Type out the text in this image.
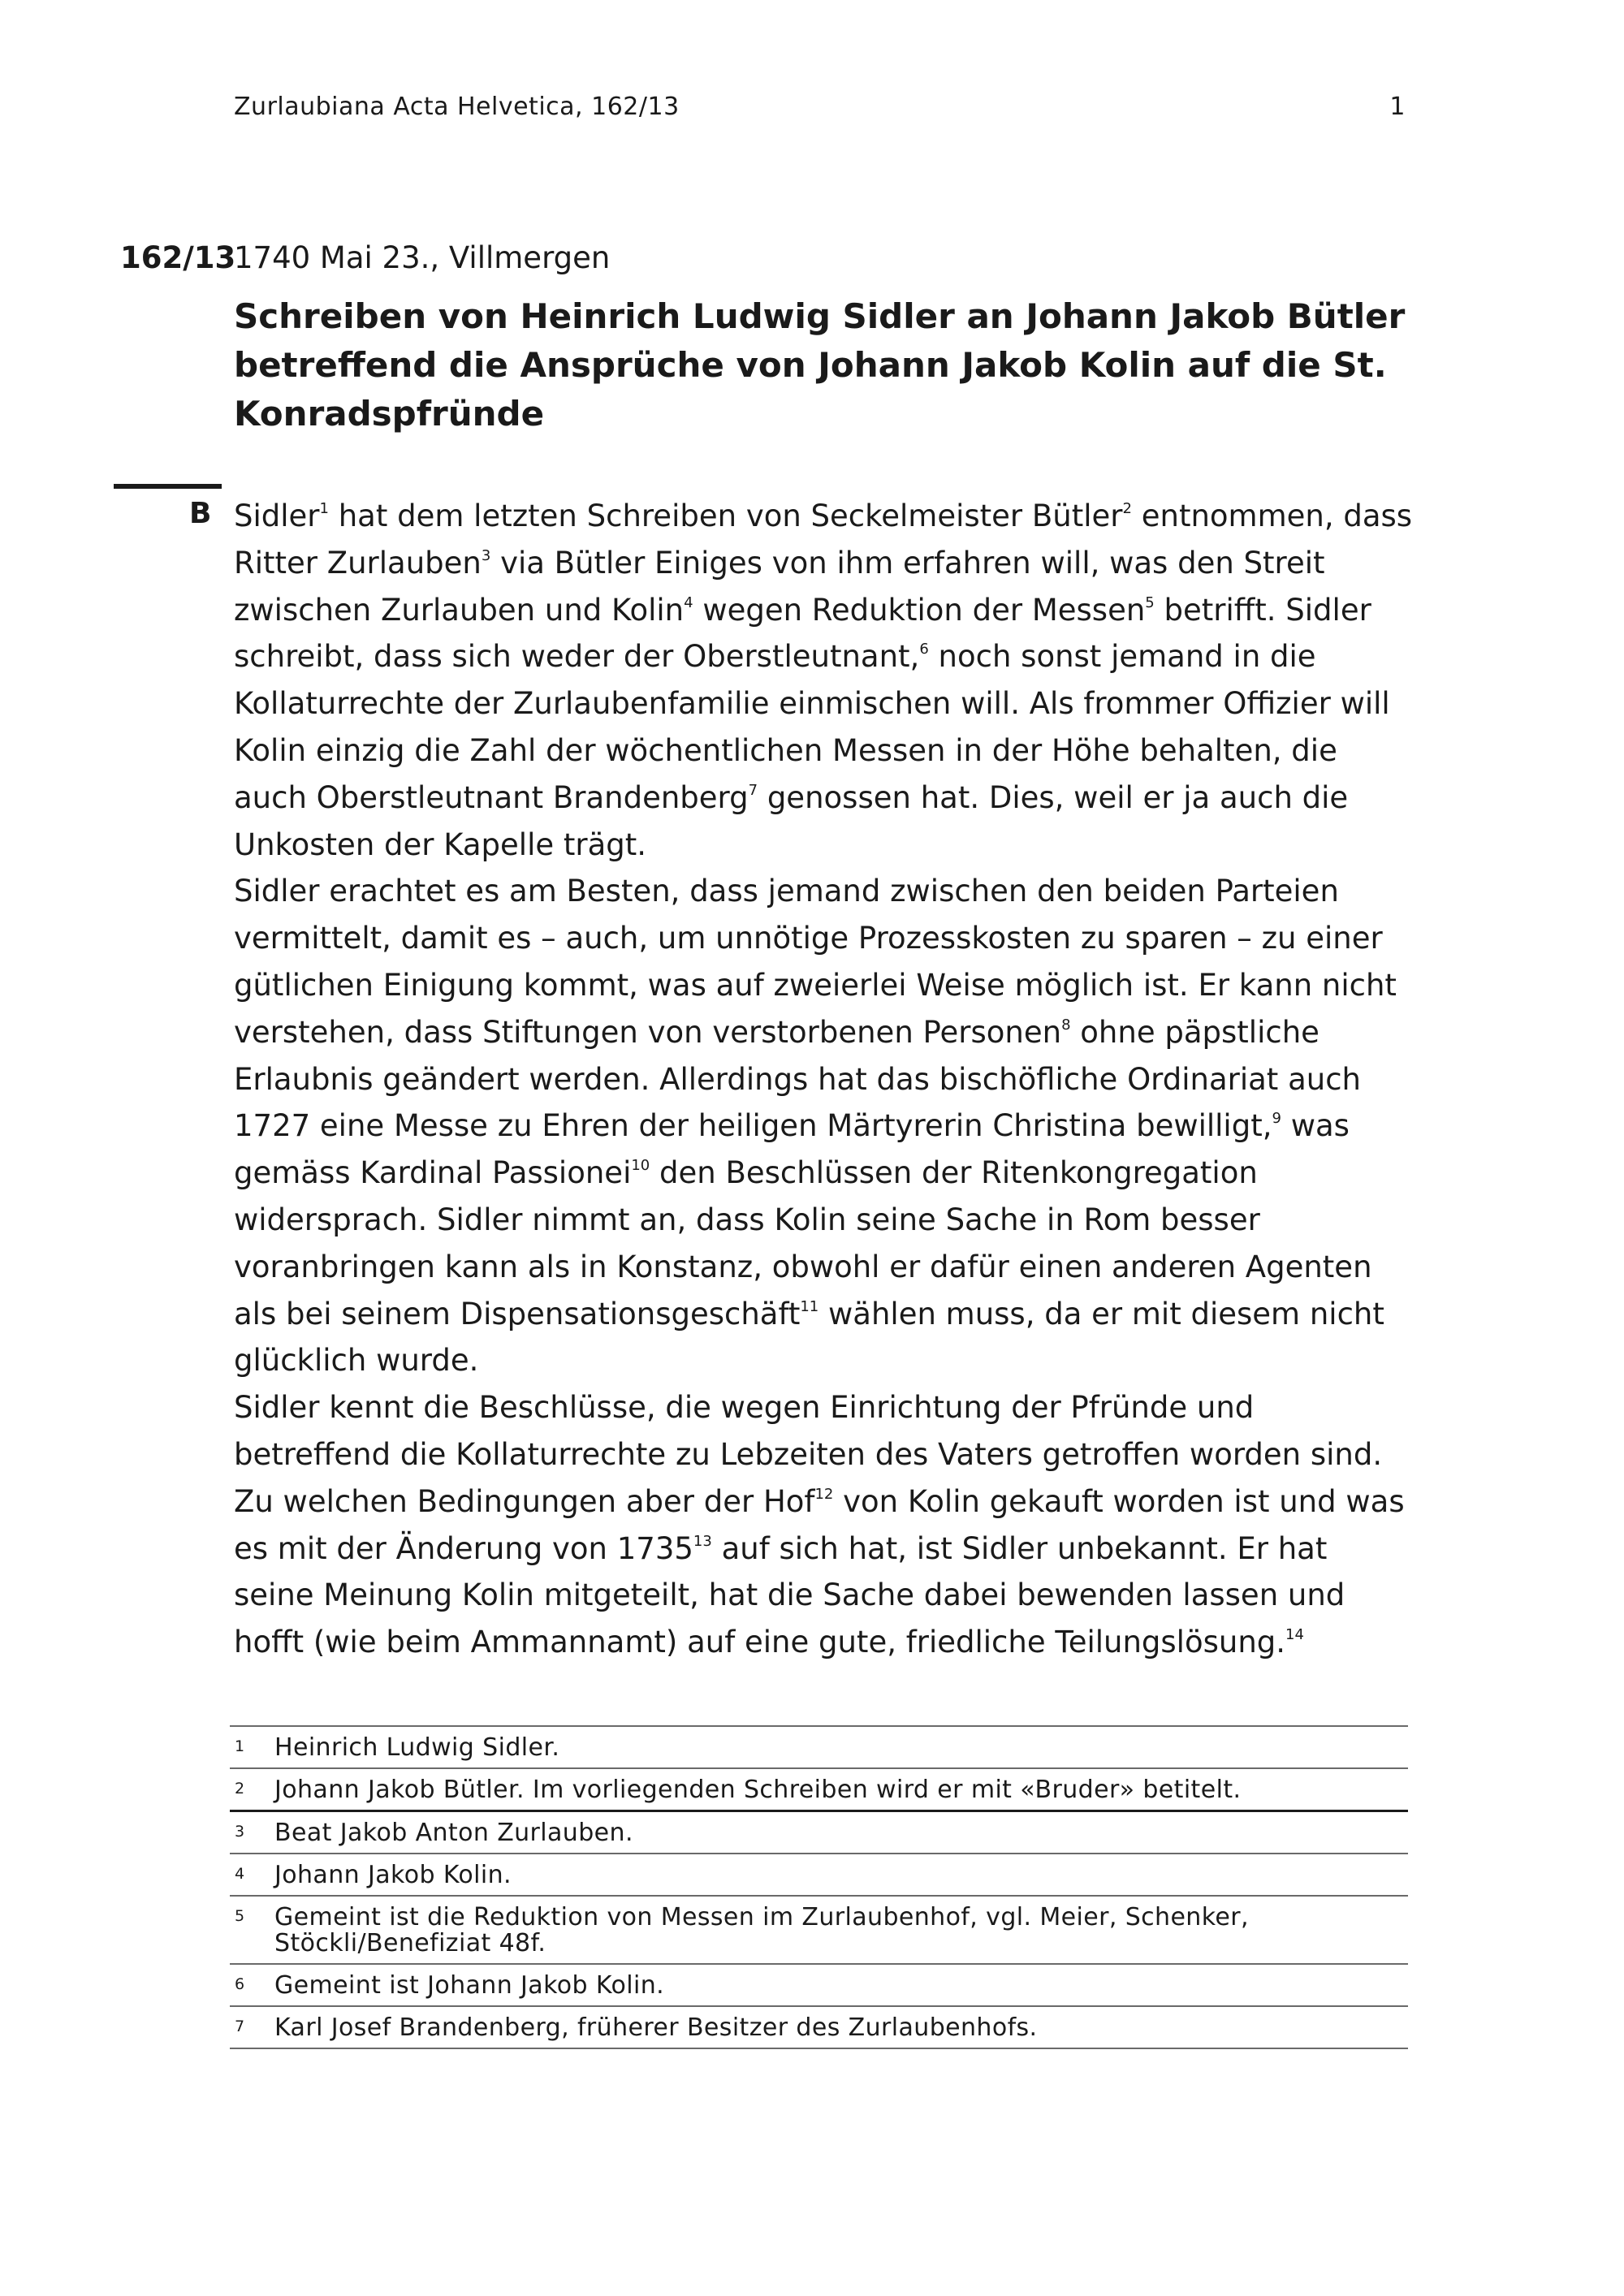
Zurlaubiana Acta Helvetica, 162/13	1
162/13
1740 Mai 23., Villmergen
Schreiben von Heinrich Ludwig Sidler an Johann Jakob Bütler betreffend die Ansprüche von Johann Jakob Kolin auf die St. Konradspfründe
B Sidler$^1$ hat dem letzten Schreiben von Seckelmeister Bütler$^2$ entnommen, dass Ritter Zurlauben$^3$ via Bütler Einiges von ihm erfahren will, was den Streit zwischen Zurlauben und Kolin$^4$ wegen Reduktion der Messen$^5$ betrifft. Sidler schreibt, dass sich weder der Oberstleutnant,$^6$ noch sonst jemand in die Kollaturrechte der Zurlaubenfamilie einmischen will. Als frommer Offizier will Kolin einzig die Zahl der wöchentlichen Messen in der Höhe behalten, die auch Oberstleutnant Brandenberg$^7$ genossen hat. Dies, weil er ja auch die Unkosten der Kapelle trägt.

Sidler erachtet es am Besten, dass jemand zwischen den beiden Parteien vermittelt, damit es – auch, um unnötige Prozesskosten zu sparen – zu einer gütlichen Einigung kommt, was auf zweierlei Weise möglich ist. Er kann nicht verstehen, dass Stiftungen von verstorbenen Personen$^8$ ohne päpstliche Erlaubnis geändert werden. Allerdings hat das bischöfliche Ordinariat auch 1727 eine Messe zu Ehren der heiligen Märtyrerin Christina bewilligt,$^9$ was gemäss Kardinal Passionei$^{10}$ den Beschlüssen der Ritenkongregation widersprach. Sidler nimmt an, dass Kolin seine Sache in Rom besser voranbringen kann als in Konstanz, obwohl er dafür einen anderen Agenten als bei seinem Dispensationsgeschäft$^{11}$ wählen muss, da er mit diesem nicht glücklich wurde.

Sidler kennt die Beschlüsse, die wegen Einrichtung der Pfründe und betreffend die Kollaturrechte zu Lebzeiten des Vaters getroffen worden sind. Zu welchen Bedingungen aber der Hof$^{12}$ von Kolin gekauft worden ist und was es mit der Änderung von 1735$^{13}$ auf sich hat, ist Sidler unbekannt. Er hat seine Meinung Kolin mitgeteilt, hat die Sache dabei bewenden lassen und hofft (wie beim Ammannamt) auf eine gute, friedliche Teilungslösung.$^{14}$

1 Heinrich Ludwig Sidler.
2 Johann Jakob Bütler. Im vorliegenden Schreiben wird er mit «Bruder» betitelt.
3 Beat Jakob Anton Zurlauben.
4 Johann Jakob Kolin.
5 Gemeint ist die Reduktion von Messen im Zurlaubenhof, vgl. Meier, Schenker, Stöckli/Benefiziat 48f.
6 Gemeint ist Johann Jakob Kolin.
7 Karl Josef Brandenberg, früherer Besitzer des Zurlaubenhofs.
